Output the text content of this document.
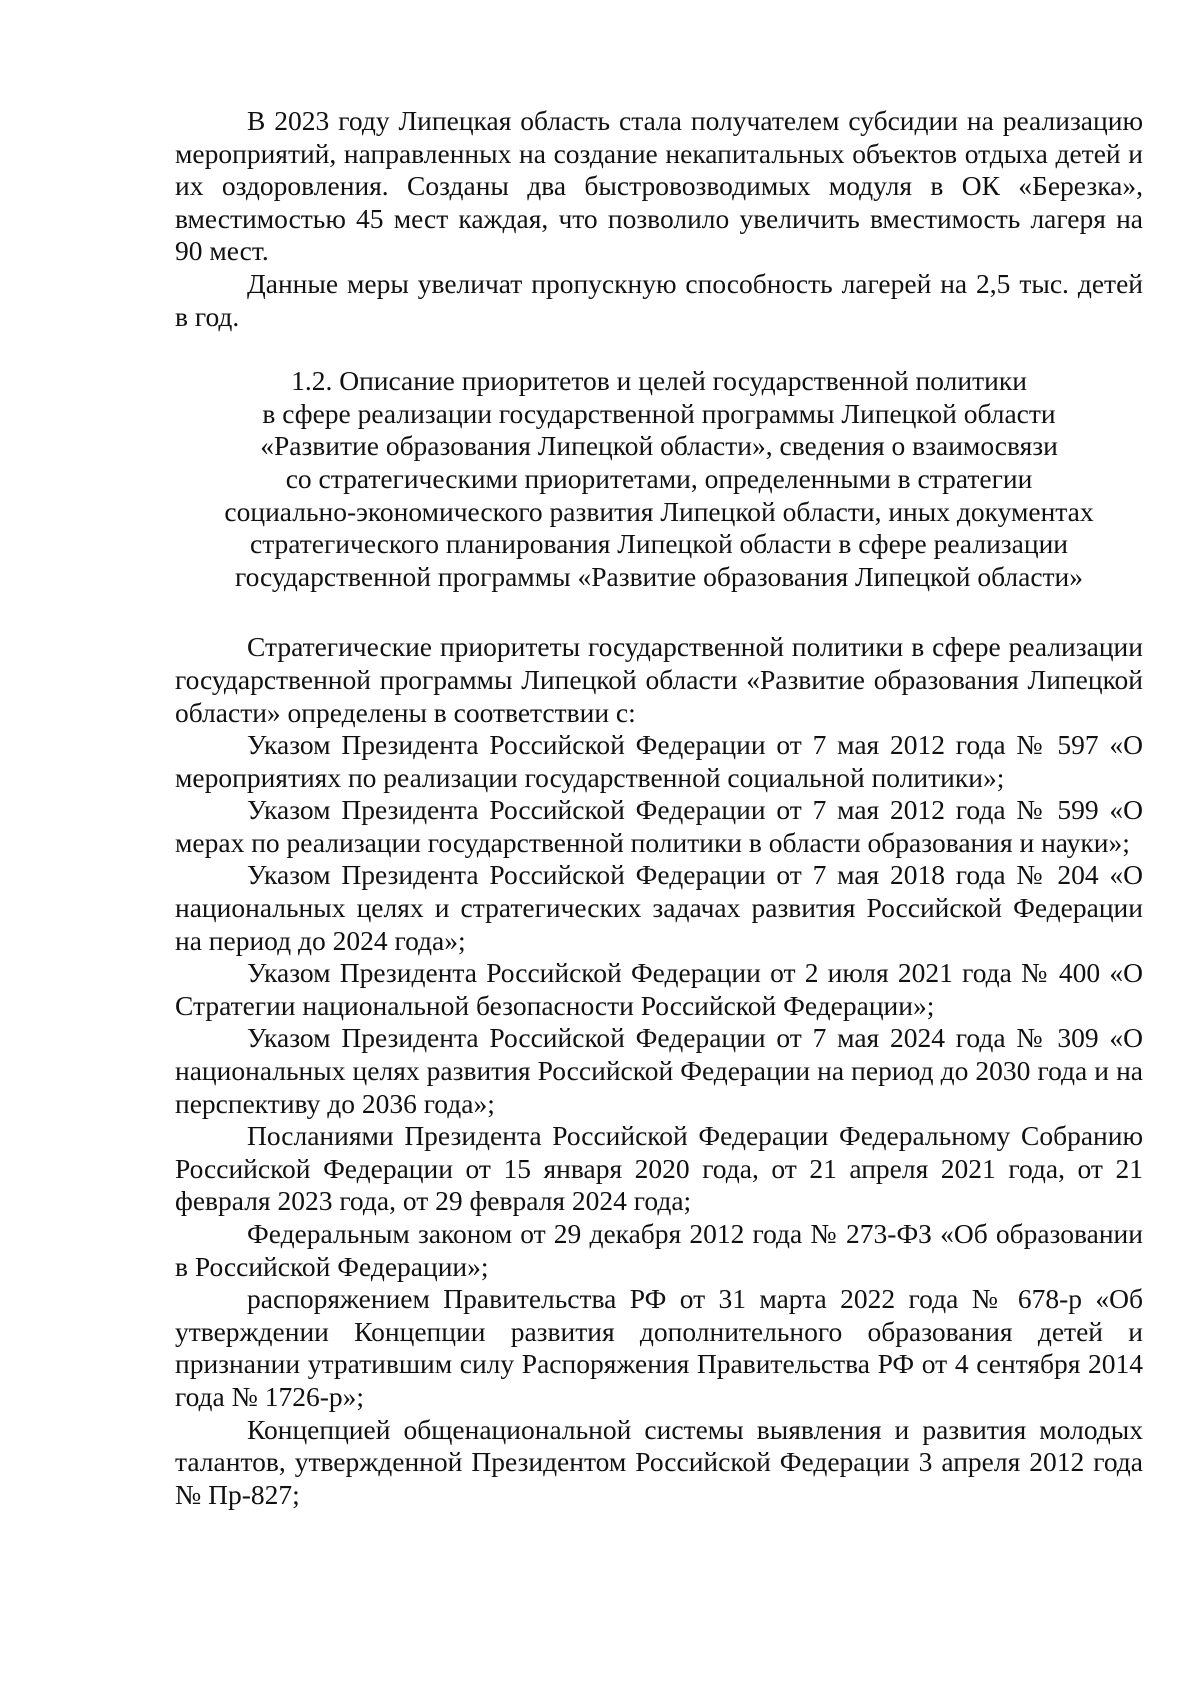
В 2023 году Липецкая область стала получателем субсидии на реализацию мероприятий, направленных на создание некапитальных объектов отдыха детей и их оздоровления. Созданы два быстровозводимых модуля в ОК «Березка», вместимостью 45 мест каждая, что позволило увеличить вместимость лагеря на 90 мест.

Данные меры увеличат пропускную способность лагерей на 2,5 тыс. детей в год.

1.2. Описание приоритетов и целей государственной политики
в сфере реализации государственной программы Липецкой области
«Развитие образования Липецкой области», сведения о взаимосвязи
со стратегическими приоритетами, определенными в стратегии
социально-экономического развития Липецкой области, иных документах
стратегического планирования Липецкой области в сфере реализации
государственной программы «Развитие образования Липецкой области»

Стратегические приоритеты государственной политики в сфере реализации государственной программы Липецкой области «Развитие образования Липецкой области» определены в соответствии с:

Указом Президента Российской Федерации от 7 мая 2012 года № 597 «О мероприятиях по реализации государственной социальной политики»;

Указом Президента Российской Федерации от 7 мая 2012 года № 599 «О мерах по реализации государственной политики в области образования и науки»;

Указом Президента Российской Федерации от 7 мая 2018 года № 204 «О национальных целях и стратегических задачах развития Российской Федерации на период до 2024 года»;

Указом Президента Российской Федерации от 2 июля 2021 года № 400 «О Стратегии национальной безопасности Российской Федерации»;

Указом Президента Российской Федерации от 7 мая 2024 года № 309 «О национальных целях развития Российской Федерации на период до 2030 года и на перспективу до 2036 года»;

Посланиями Президента Российской Федерации Федеральному Собранию Российской Федерации от 15 января 2020 года, от 21 апреля 2021 года, от 21 февраля 2023 года, от 29 февраля 2024 года;

Федеральным законом от 29 декабря 2012 года № 273-ФЗ «Об образовании в Российской Федерации»;

распоряжением Правительства РФ от 31 марта 2022 года № 678-р «Об утверждении Концепции развития дополнительного образования детей и признании утратившим силу Распоряжения Правительства РФ от 4 сентября 2014 года № 1726-р»;

Концепцией общенациональной системы выявления и развития молодых талантов, утвержденной Президентом Российской Федерации 3 апреля 2012 года № Пр-827;
